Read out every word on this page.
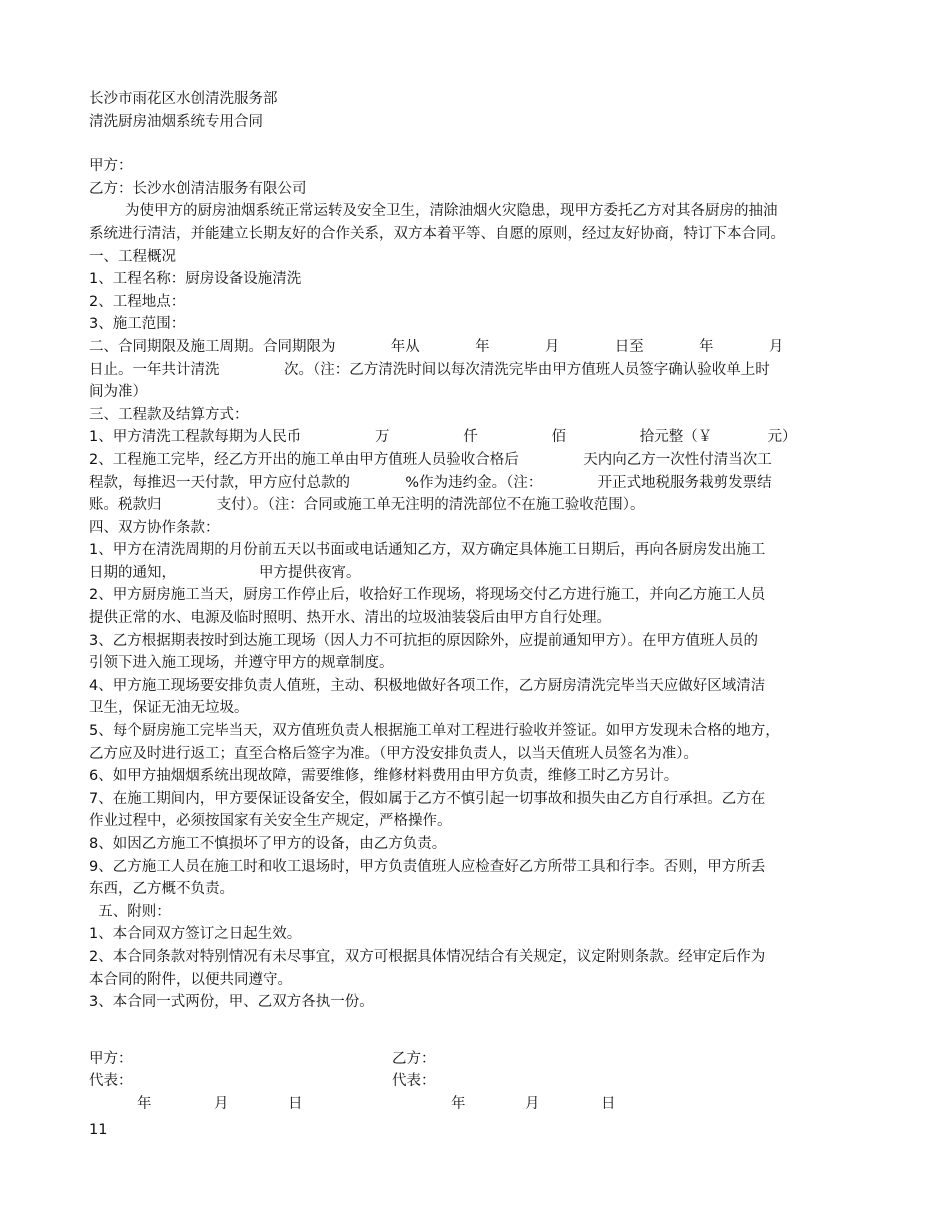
长沙市雨花区水创清洗服务部
清洗厨房油烟系统专用合同
甲方：
乙方：长沙水创清洁服务有限公司
为使甲方的厨房油烟系统正常运转及安全卫生，清除油烟火灾隐患，现甲方委托乙方对其各厨房的抽油
系统进行清洁，并能建立长期友好的合作关系，双方本着平等、自愿的原则，经过友好协商，特订下本合同。
一、工程概况
1、工程名称：厨房设备设施清洗
2、工程地点：
3、施工范围：
二、合同期限及施工周期。合同期限为            年从            年            月            日至            年            月
日止。一年共计清洗              次。（注：乙方清洗时间以每次清洗完毕由甲方值班人员签字确认验收单上时
间为准）
三、工程款及结算方式：
1、甲方清洗工程款每期为人民币                万                仟                佰                拾元整（￥            元）
2、工程施工完毕，经乙方开出的施工单由甲方值班人员验收合格后              天内向乙方一次性付清当次工
程款，每推迟一天付款，甲方应付总款的            %作为违约金。（注：            开正式地税服务栽剪发票结
账。税款归            支付）。（注：合同或施工单无注明的清洗部位不在施工验收范围）。
四、双方协作条款：
1、甲方在清洗周期的月份前五天以书面或电话通知乙方，双方确定具体施工日期后，再向各厨房发出施工
日期的通知，                  甲方提供夜宵。
2、甲方厨房施工当天，厨房工作停止后，收拾好工作现场，将现场交付乙方进行施工，并向乙方施工人员
提供正常的水、电源及临时照明、热开水、清出的垃圾油装袋后由甲方自行处理。
3、乙方根据期表按时到达施工现场（因人力不可抗拒的原因除外，应提前通知甲方）。在甲方值班人员的
引领下进入施工现场，并遵守甲方的规章制度。
4、甲方施工现场要安排负责人值班，主动、积极地做好各项工作，乙方厨房清洗完毕当天应做好区域清洁
卫生，保证无油无垃圾。
5、每个厨房施工完毕当天，双方值班负责人根据施工单对工程进行验收并签证。如甲方发现未合格的地方，
乙方应及时进行返工；直至合格后签字为准。（甲方没安排负责人，以当天值班人员签名为准）。
6、如甲方抽烟烟系统出现故障，需要维修，维修材料费用由甲方负责，维修工时乙方另计。
7、在施工期间内，甲方要保证设备安全，假如属于乙方不慎引起一切事故和损失由乙方自行承担。乙方在
作业过程中，必须按国家有关安全生产规定，严格操作。
8、如因乙方施工不慎损坏了甲方的设备，由乙方负责。
9、乙方施工人员在施工时和收工退场时，甲方负责值班人应检查好乙方所带工具和行李。否则，甲方所丢
东西，乙方概不负责。
五、附则：
1、本合同双方签订之日起生效。
2、本合同条款对特别情况有未尽事宜，双方可根据具体情况结合有关规定，议定附则条款。经审定后作为
本合同的附件，以便共同遵守。
3、本合同一式两份，甲、乙双方各执一份。
甲方：	乙方：
代表：	代表：
年	月	日	年	月	日
11
